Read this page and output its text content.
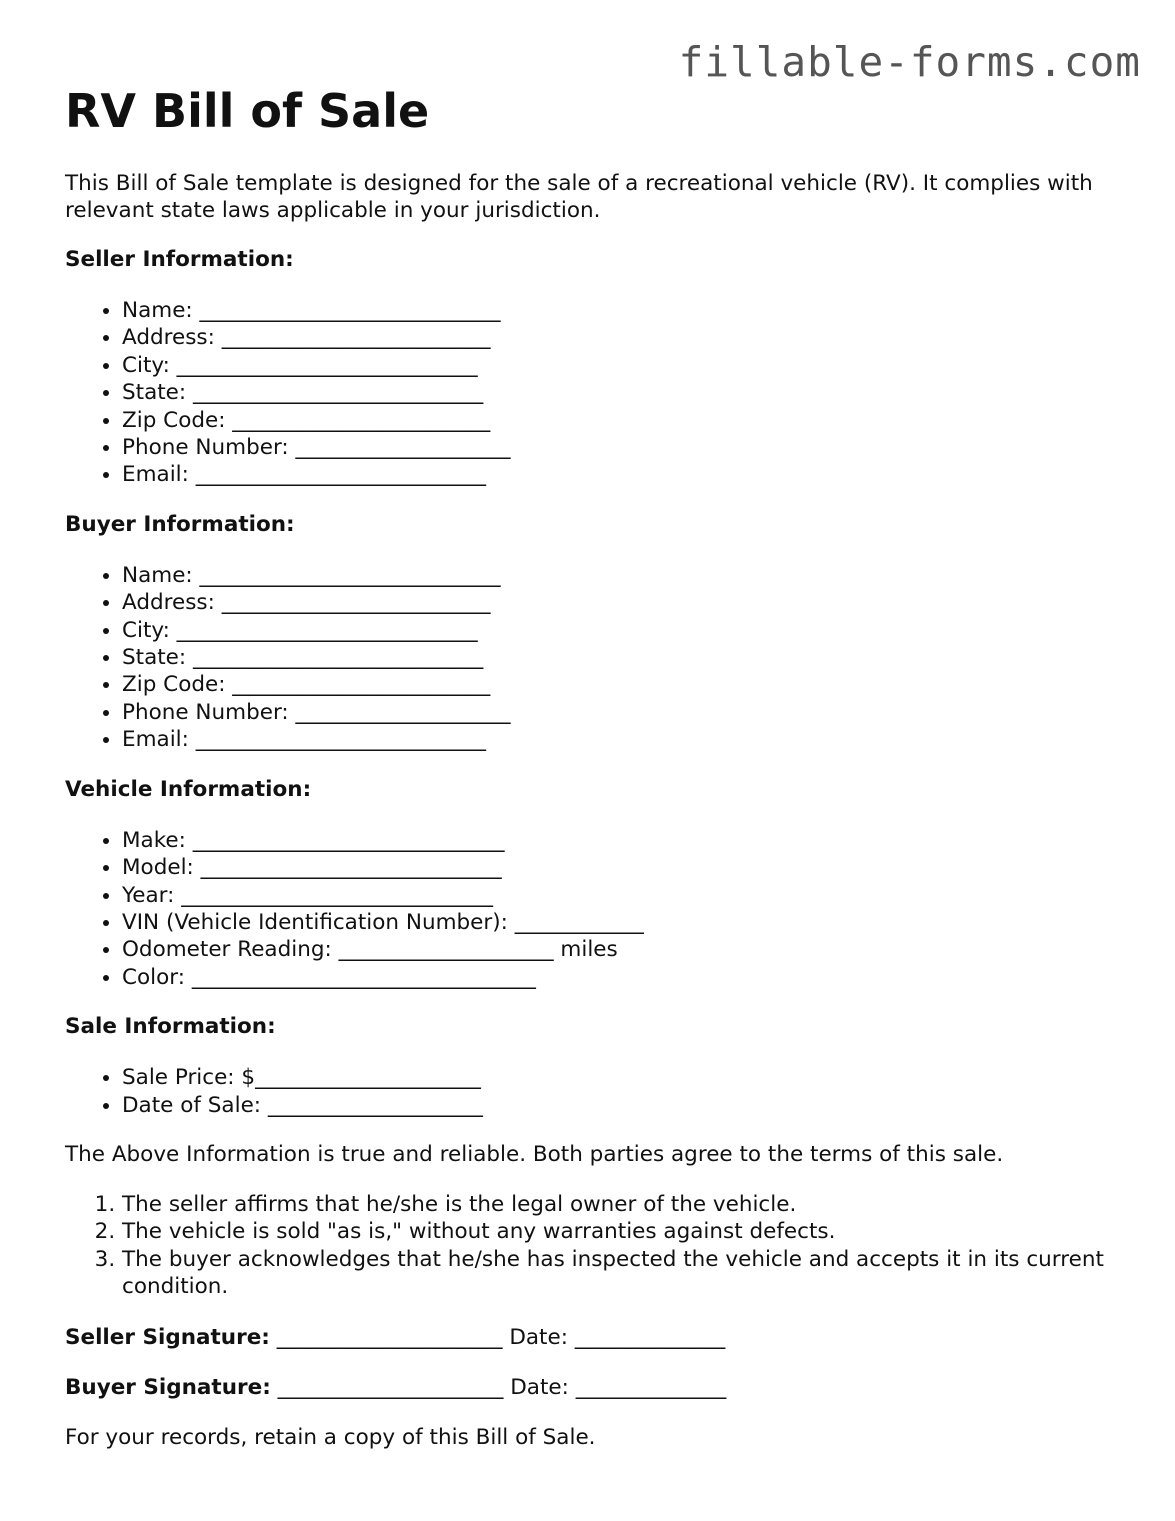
fillable-forms.com
RV Bill of Sale

This Bill of Sale template is designed for the sale of a recreational vehicle (RV). It complies with relevant state laws applicable in your jurisdiction.

Seller Information:
• Name: ____________________________
• Address: _________________________
• City: ____________________________
• State: ___________________________
• Zip Code: ________________________
• Phone Number: ____________________
• Email: ___________________________
Buyer Information:
• Name: ____________________________
• Address: _________________________
• City: ____________________________
• State: ___________________________
• Zip Code: ________________________
• Phone Number: ____________________
• Email: ___________________________
Vehicle Information:
• Make: _____________________________
• Model: ____________________________
• Year: _____________________________
• VIN (Vehicle Identification Number): ____________
• Odometer Reading: ____________________ miles
• Color: ________________________________
Sale Information:
• Sale Price: $_____________________
• Date of Sale: ____________________

The Above Information is true and reliable. Both parties agree to the terms of this sale.

1. The seller affirms that he/she is the legal owner of the vehicle.
2. The vehicle is sold "as is," without any warranties against defects.
3. The buyer acknowledges that he/she has inspected the vehicle and accepts it in its current condition.
Seller Signature: _____________________ Date: ______________
Buyer Signature: _____________________ Date: ______________

For your records, retain a copy of this Bill of Sale.
